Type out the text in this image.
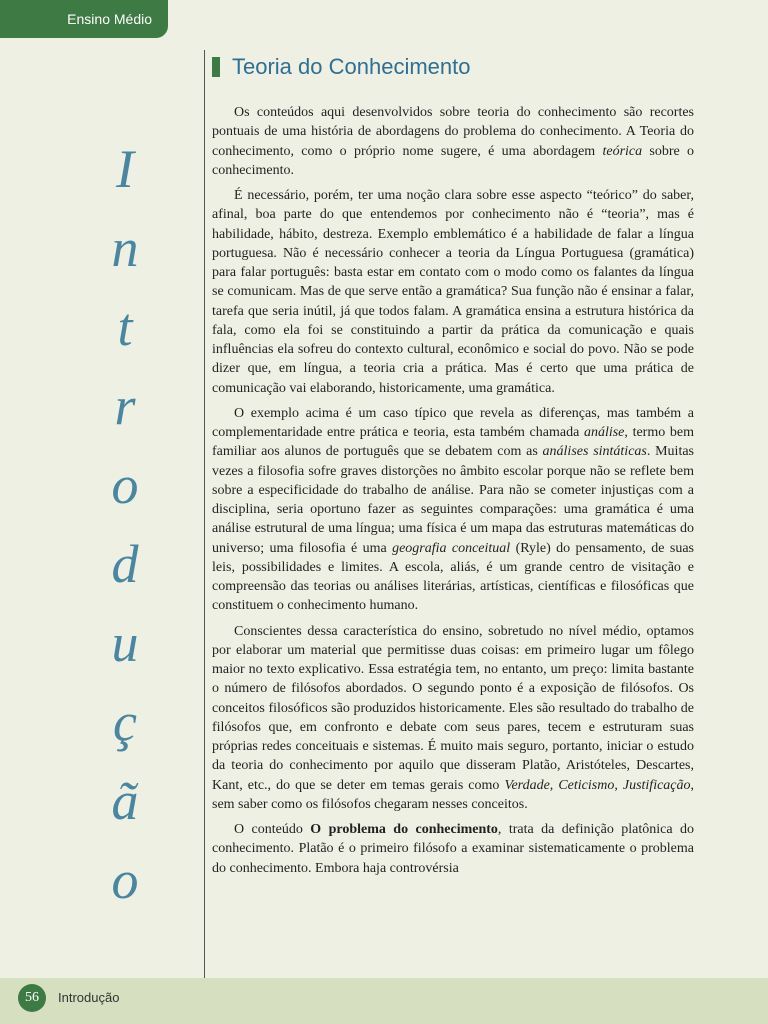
Ensino Médio
I
n
t
r
o
d
u
ç
ã
o
Teoria do Conhecimento

Os conteúdos aqui desenvolvidos sobre teoria do conhecimento são recortes pontuais de uma história de abordagens do problema do conhecimento. A Teoria do conhecimento, como o próprio nome sugere, é uma abordagem teórica sobre o conhecimento.

É necessário, porém, ter uma noção clara sobre esse aspecto “teórico” do saber, afinal, boa parte do que entendemos por conhecimento não é “teoria”, mas é habilidade, hábito, destreza. Exemplo emblemático é a habilidade de falar a língua portuguesa. Não é necessário conhecer a teoria da Língua Portuguesa (gramática) para falar português: basta estar em contato com o modo como os falantes da língua se comunicam. Mas de que serve então a gramática? Sua função não é ensinar a falar, tarefa que seria inútil, já que todos falam. A gramática ensina a estrutura histórica da fala, como ela foi se constituindo a partir da prática da comunicação e quais influências ela sofreu do contexto cultural, econômico e social do povo. Não se pode dizer que, em língua, a teoria cria a prática. Mas é certo que uma prática de comunicação vai elaborando, historicamente, uma gramática.

O exemplo acima é um caso típico que revela as diferenças, mas também a complementaridade entre prática e teoria, esta também chamada análise, termo bem familiar aos alunos de português que se debatem com as análises sintáticas. Muitas vezes a filosofia sofre graves distorções no âmbito escolar porque não se reflete bem sobre a especificidade do trabalho de análise. Para não se cometer injustiças com a disciplina, seria oportuno fazer as seguintes comparações: uma gramática é uma análise estrutural de uma língua; uma física é um mapa das estruturas matemáticas do universo; uma filosofia é uma geografia conceitual (Ryle) do pensamento, de suas leis, possibilidades e limites. A escola, aliás, é um grande centro de visitação e compreensão das teorias ou análises literárias, artísticas, científicas e filosóficas que constituem o conhecimento humano.

Conscientes dessa característica do ensino, sobretudo no nível médio, optamos por elaborar um material que permitisse duas coisas: em primeiro lugar um fôlego maior no texto explicativo. Essa estratégia tem, no entanto, um preço: limita bastante o número de filósofos abordados. O segundo ponto é a exposição de filósofos. Os conceitos filosóficos são produzidos historicamente. Eles são resultado do trabalho de filósofos que, em confronto e debate com seus pares, tecem e estruturam suas próprias redes conceituais e sistemas. É muito mais seguro, portanto, iniciar o estudo da teoria do conhecimento por aquilo que disseram Platão, Aristóteles, Descartes, Kant, etc., do que se deter em temas gerais como Verdade, Ceticismo, Justificação, sem saber como os filósofos chegaram nesses conceitos.

O conteúdo O problema do conhecimento, trata da definição platônica do conhecimento. Platão é o primeiro filósofo a examinar sistematicamente o problema do conhecimento. Embora haja controvérsia

56 Introdução
